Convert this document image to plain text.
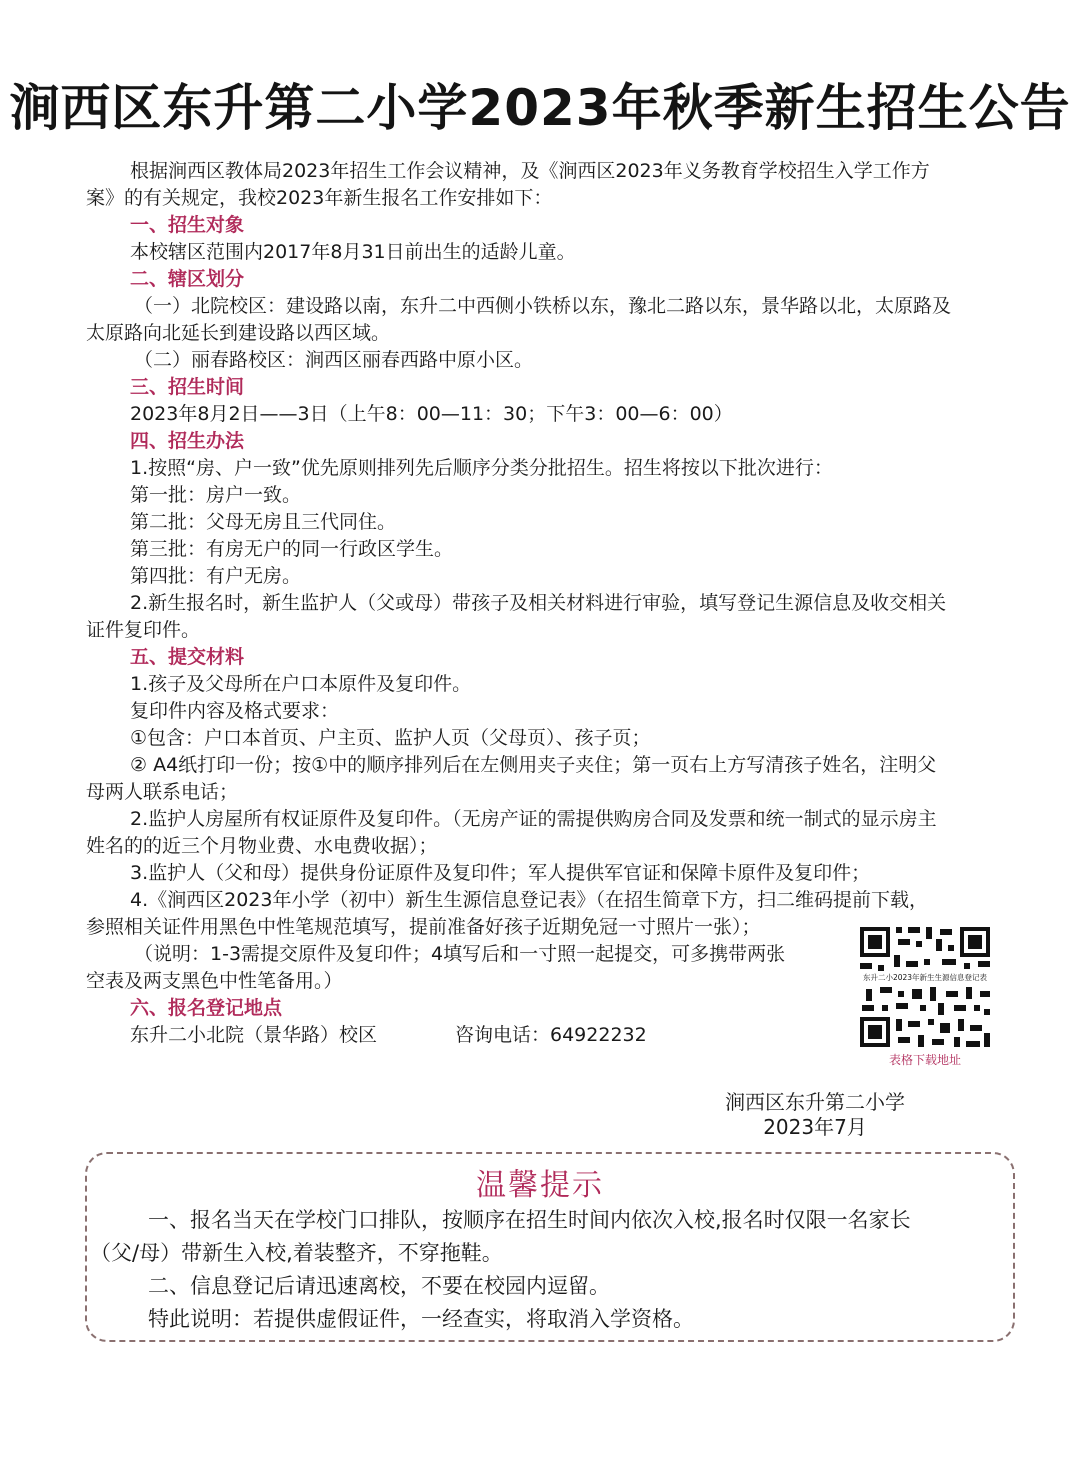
涧西区东升第二小学2023年秋季新生招生公告
根据涧西区教体局2023年招生工作会议精神，及《涧西区2023年义务教育学校招生入学工作方
案》的有关规定，我校2023年新生报名工作安排如下：
一、招生对象
本校辖区范围内2017年8月31日前出生的适龄儿童。
二、辖区划分
（一）北院校区：建设路以南，东升二中西侧小铁桥以东，豫北二路以东，景华路以北，太原路及
太原路向北延长到建设路以西区域。
（二）丽春路校区：涧西区丽春西路中原小区。
三、招生时间
2023年8月2日——3日（上午8：00—11：30；下午3：00—6：00）
四、招生办法
1.按照“房、户一致”优先原则排列先后顺序分类分批招生。招生将按以下批次进行：
第一批：房户一致。
第二批：父母无房且三代同住。
第三批：有房无户的同一行政区学生。
第四批：有户无房。
2.新生报名时，新生监护人（父或母）带孩子及相关材料进行审验，填写登记生源信息及收交相关
证件复印件。
五、提交材料
1.孩子及父母所在户口本原件及复印件。
复印件内容及格式要求：
①包含：户口本首页、户主页、监护人页（父母页）、孩子页；
② A4纸打印一份；按①中的顺序排列后在左侧用夹子夹住；第一页右上方写清孩子姓名，注明父
母两人联系电话；
2.监护人房屋所有权证原件及复印件。（无房产证的需提供购房合同及发票和统一制式的显示房主
姓名的的近三个月物业费、水电费收据）；
3.监护人（父和母）提供身份证原件及复印件；军人提供军官证和保障卡原件及复印件；
4.《涧西区2023年小学（初中）新生生源信息登记表》（在招生简章下方，扫二维码提前下载，
参照相关证件用黑色中性笔规范填写，提前准备好孩子近期免冠一寸照片一张）；
（说明：1-3需提交原件及复印件；4填写后和一寸照一起提交，可多携带两张
空表及两支黑色中性笔备用。）
六、报名登记地点
东升二小北院（景华路）校区	咨询电话：64922232
东升二小2023年新生生源信息登记表
表格下载地址
涧西区东升第二小学
2023年7月
温馨提示
一、报名当天在学校门口排队，按顺序在招生时间内依次入校,报名时仅限一名家长
（父/母）带新生入校,着装整齐，不穿拖鞋。
二、信息登记后请迅速离校，不要在校园内逗留。
特此说明：若提供虚假证件，一经查实，将取消入学资格。
